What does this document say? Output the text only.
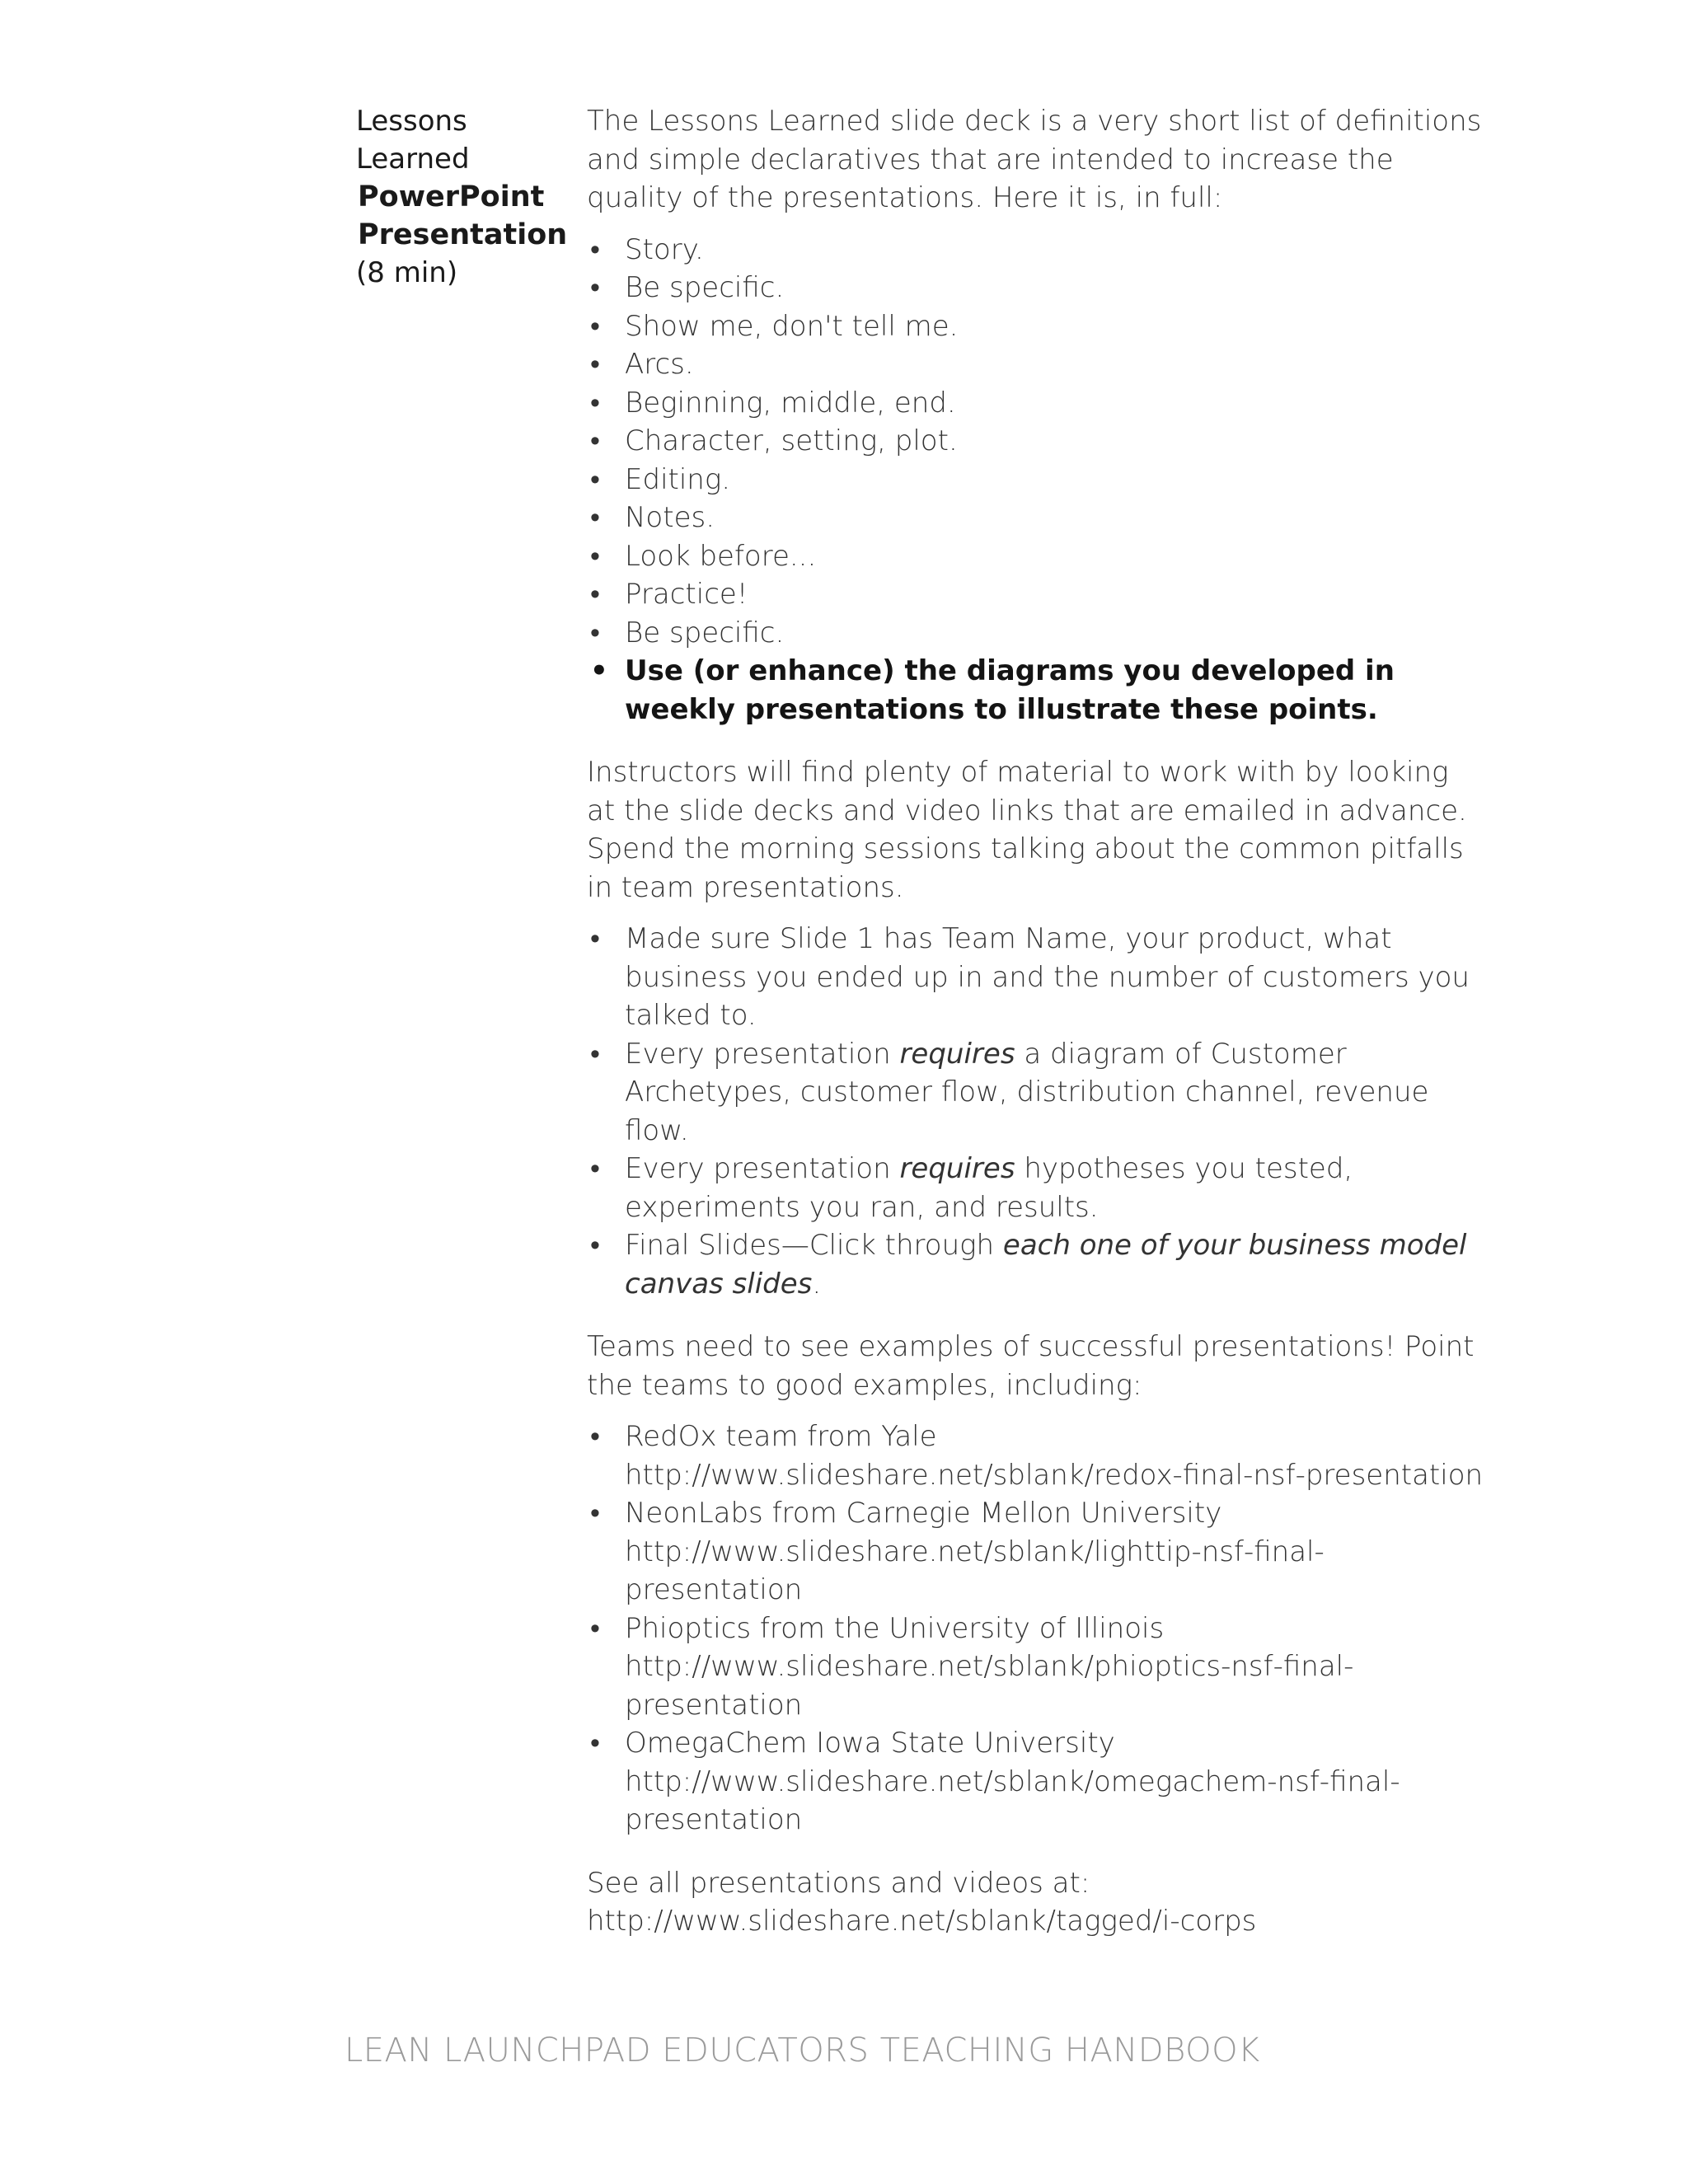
Lessons Learned
PowerPoint
Presentation
(8 min)

The Lessons Learned slide deck is a very short list of definitions and simple declaratives that are intended to increase the quality of the presentations. Here it is, in full:

• Story.
• Be specific.
• Show me, don't tell me.
• Arcs.
• Beginning, middle, end.
• Character, setting, plot.
• Editing.
• Notes.
• Look before...
• Practice!
• Be specific.
• Use (or enhance) the diagrams you developed in weekly presentations to illustrate these points.

Instructors will find plenty of material to work with by looking at the slide decks and video links that are emailed in advance. Spend the morning sessions talking about the common pitfalls in team presentations.

• Made sure Slide 1 has Team Name, your product, what business you ended up in and the number of customers you talked to.
• Every presentation requires a diagram of Customer Archetypes, customer flow, distribution channel, revenue flow.
• Every presentation requires hypotheses you tested, experiments you ran, and results.
• Final Slides—Click through each one of your business model canvas slides.

Teams need to see examples of successful presentations! Point the teams to good examples, including:

• RedOx team from Yale http://www.slideshare.net/sblank/redox-final-nsf-presentation
• NeonLabs from Carnegie Mellon University http://www.slideshare.net/sblank/lighttip-nsf-final-presentation
• Phioptics from the University of Illinois http://www.slideshare.net/sblank/phioptics-nsf-final-presentation
• OmegaChem Iowa State University http://www.slideshare.net/sblank/omegachem-nsf-final-presentation

See all presentations and videos at: http://www.slideshare.net/sblank/tagged/i-corps

LEAN LAUNCHPAD EDUCATORS TEACHING HANDBOOK
